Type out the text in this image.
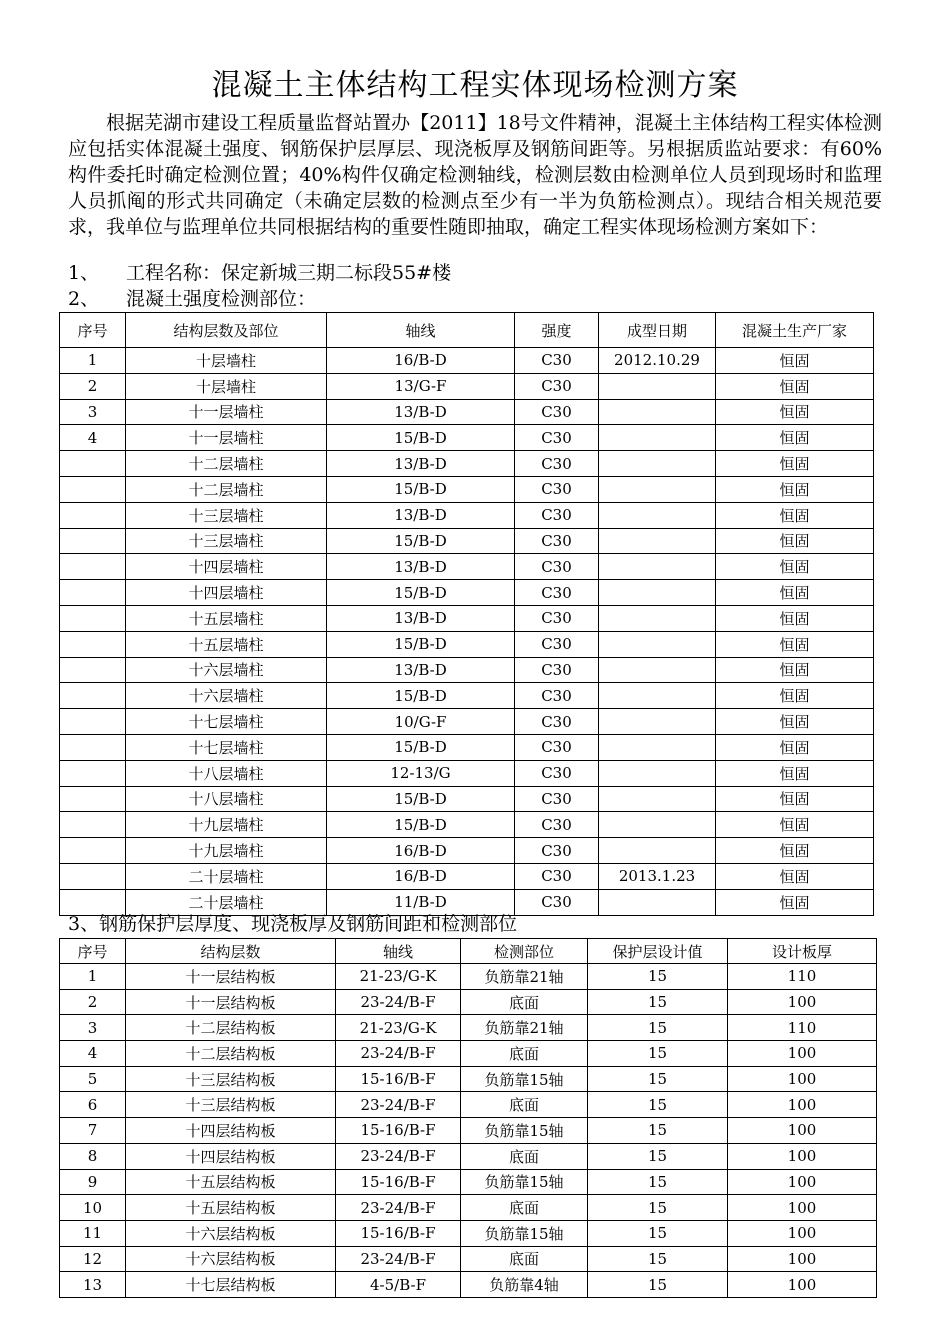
混凝土主体结构工程实体现场检测方案
根据芜湖市建设工程质量监督站置办【2011】18号文件精神，混凝土主体结构工程实体检测应包括实体混凝土强度、钢筋保护层厚层、现浇板厚及钢筋间距等。另根据质监站要求：有60%构件委托时确定检测位置；40%构件仅确定检测轴线，检测层数由检测单位人员到现场时和监理人员抓阄的形式共同确定（未确定层数的检测点至少有一半为负筋检测点）。现结合相关规范要求，我单位与监理单位共同根据结构的重要性随即抽取，确定工程实体现场检测方案如下：
1、 工程名称：保定新城三期二标段55#楼
2、 混凝土强度检测部位：
序号	结构层数及部位	轴线	强度	成型日期	混凝土生产厂家
1	十层墙柱	16/B-D	C30	2012.10.29	恒固
2	十层墙柱	13/G-F	C30		恒固
3	十一层墙柱	13/B-D	C30		恒固
4	十一层墙柱	15/B-D	C30		恒固
	十二层墙柱	13/B-D	C30		恒固
	十二层墙柱	15/B-D	C30		恒固
	十三层墙柱	13/B-D	C30		恒固
	十三层墙柱	15/B-D	C30		恒固
	十四层墙柱	13/B-D	C30		恒固
	十四层墙柱	15/B-D	C30		恒固
	十五层墙柱	13/B-D	C30		恒固
	十五层墙柱	15/B-D	C30		恒固
	十六层墙柱	13/B-D	C30		恒固
	十六层墙柱	15/B-D	C30		恒固
	十七层墙柱	10/G-F	C30		恒固
	十七层墙柱	15/B-D	C30		恒固
	十八层墙柱	12-13/G	C30		恒固
	十八层墙柱	15/B-D	C30		恒固
	十九层墙柱	15/B-D	C30		恒固
	十九层墙柱	16/B-D	C30		恒固
	二十层墙柱	16/B-D	C30	2013.1.23	恒固
	二十层墙柱	11/B-D	C30		恒固
3、钢筋保护层厚度、现浇板厚及钢筋间距和检测部位
序号	结构层数	轴线	检测部位	保护层设计值	设计板厚
1	十一层结构板	21-23/G-K	负筋靠21轴	15	110
2	十一层结构板	23-24/B-F	底面	15	100
3	十二层结构板	21-23/G-K	负筋靠21轴	15	110
4	十二层结构板	23-24/B-F	底面	15	100
5	十三层结构板	15-16/B-F	负筋靠15轴	15	100
6	十三层结构板	23-24/B-F	底面	15	100
7	十四层结构板	15-16/B-F	负筋靠15轴	15	100
8	十四层结构板	23-24/B-F	底面	15	100
9	十五层结构板	15-16/B-F	负筋靠15轴	15	100
10	十五层结构板	23-24/B-F	底面	15	100
11	十六层结构板	15-16/B-F	负筋靠15轴	15	100
12	十六层结构板	23-24/B-F	底面	15	100
13	十七层结构板	4-5/B-F	负筋靠4轴	15	100
